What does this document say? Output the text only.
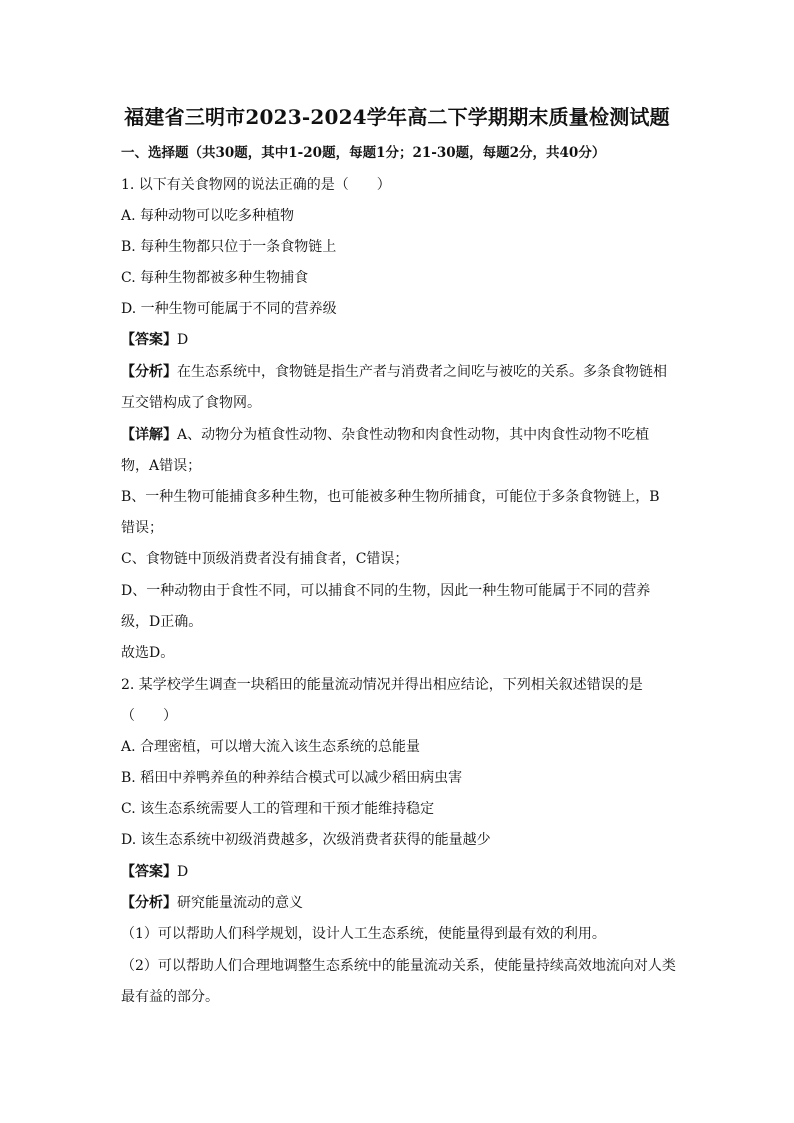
福建省三明市2023-2024学年高二下学期期末质量检测试题
一、选择题（共30题，其中1-20题，每题1分；21-30题，每题2分，共40分）
1. 以下有关食物网的说法正确的是（　　）
A. 每种动物可以吃多种植物
B. 每种生物都只位于一条食物链上
C. 每种生物都被多种生物捕食
D. 一种生物可能属于不同的营养级
【答案】D
【分析】在生态系统中，食物链是指生产者与消费者之间吃与被吃的关系。多条食物链相
互交错构成了食物网。
【详解】A、动物分为植食性动物、杂食性动物和肉食性动物，其中肉食性动物不吃植
物，A错误；
B、一种生物可能捕食多种生物，也可能被多种生物所捕食，可能位于多条食物链上，B
错误；
C、食物链中顶级消费者没有捕食者，C错误；
D、一种动物由于食性不同，可以捕食不同的生物，因此一种生物可能属于不同的营养
级，D正确。
故选D。
2. 某学校学生调查一块稻田的能量流动情况并得出相应结论，下列相关叙述错误的是
（　　）
A. 合理密植，可以增大流入该生态系统的总能量
B. 稻田中养鸭养鱼的种养结合模式可以减少稻田病虫害
C. 该生态系统需要人工的管理和干预才能维持稳定
D. 该生态系统中初级消费越多，次级消费者获得的能量越少
【答案】D
【分析】研究能量流动的意义
（1）可以帮助人们科学规划，设计人工生态系统，使能量得到最有效的利用。
（2）可以帮助人们合理地调整生态系统中的能量流动关系，使能量持续高效地流向对人类
最有益的部分。
